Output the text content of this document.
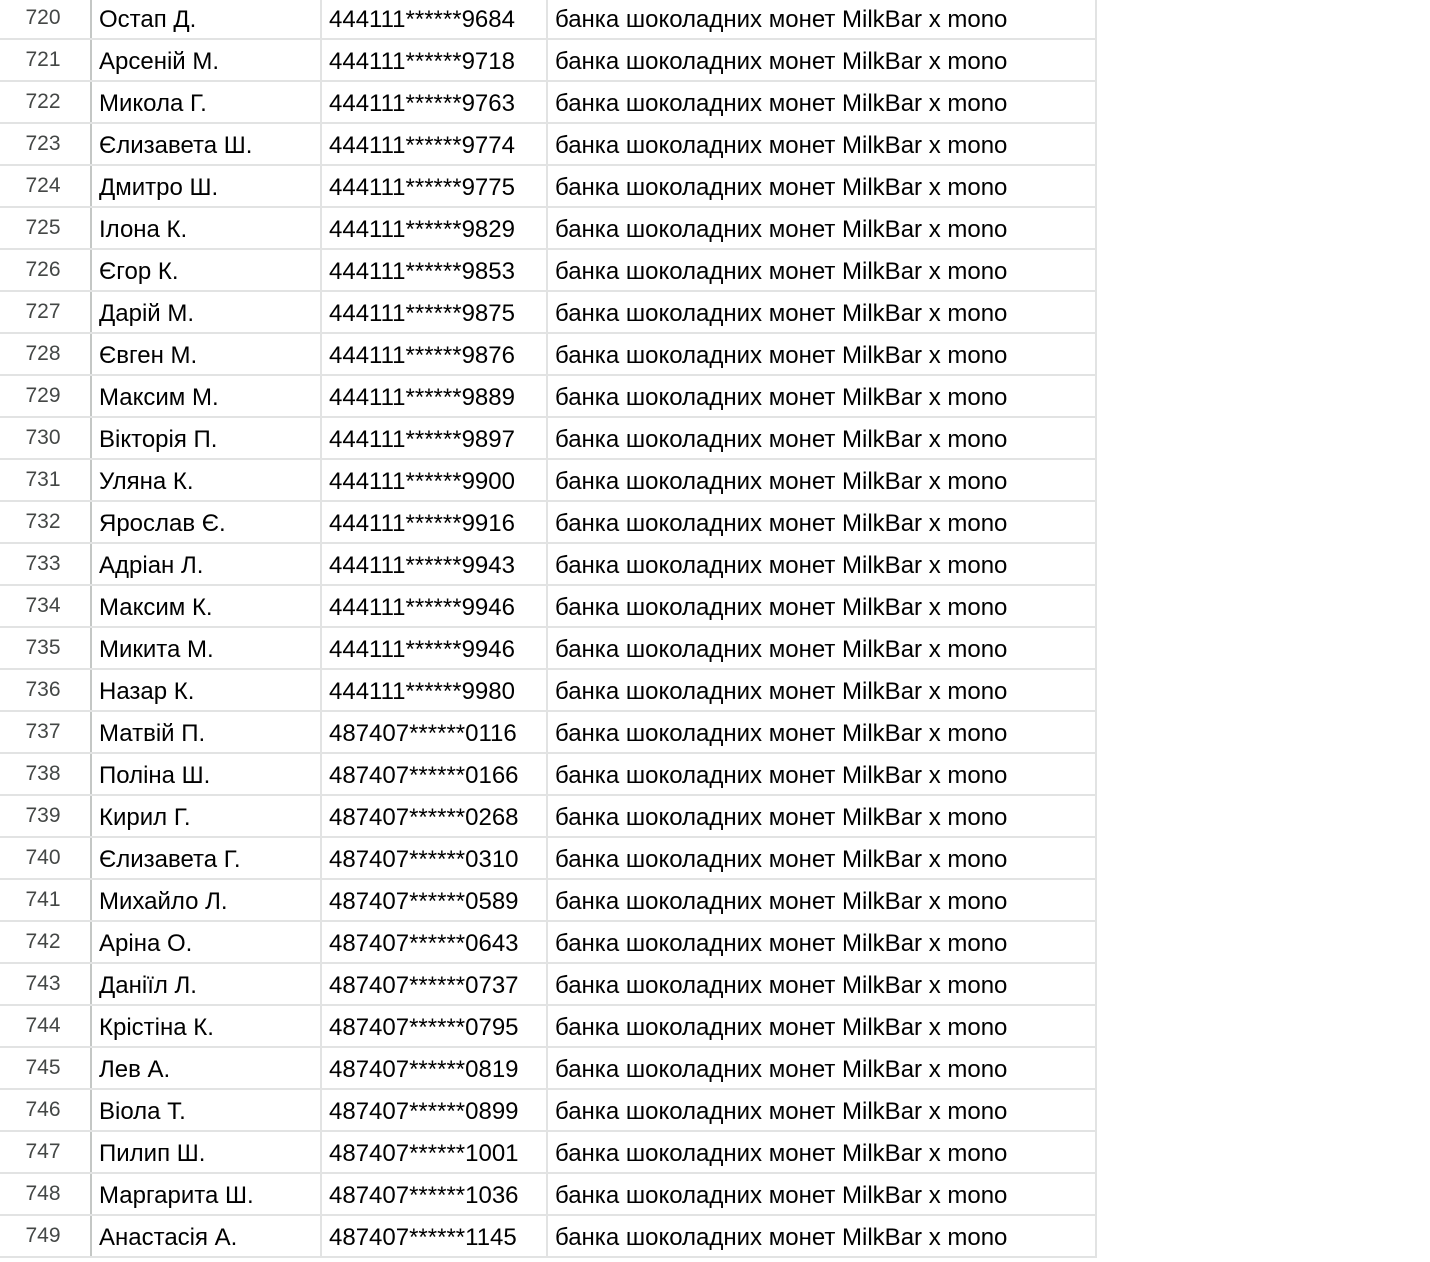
720	Остап Д.	444111******9684	банка шоколадних монет MilkBar x mono
721	Арсеній М.	444111******9718	банка шоколадних монет MilkBar x mono
722	Микола Г.	444111******9763	банка шоколадних монет MilkBar x mono
723	Єлизавета Ш.	444111******9774	банка шоколадних монет MilkBar x mono
724	Дмитро Ш.	444111******9775	банка шоколадних монет MilkBar x mono
725	Ілона К.	444111******9829	банка шоколадних монет MilkBar x mono
726	Єгор К.	444111******9853	банка шоколадних монет MilkBar x mono
727	Дарій М.	444111******9875	банка шоколадних монет MilkBar x mono
728	Євген М.	444111******9876	банка шоколадних монет MilkBar x mono
729	Максим М.	444111******9889	банка шоколадних монет MilkBar x mono
730	Вікторія П.	444111******9897	банка шоколадних монет MilkBar x mono
731	Уляна К.	444111******9900	банка шоколадних монет MilkBar x mono
732	Ярослав Є.	444111******9916	банка шоколадних монет MilkBar x mono
733	Адріан Л.	444111******9943	банка шоколадних монет MilkBar x mono
734	Максим К.	444111******9946	банка шоколадних монет MilkBar x mono
735	Микита М.	444111******9946	банка шоколадних монет MilkBar x mono
736	Назар К.	444111******9980	банка шоколадних монет MilkBar x mono
737	Матвій П.	487407******0116	банка шоколадних монет MilkBar x mono
738	Поліна Ш.	487407******0166	банка шоколадних монет MilkBar x mono
739	Кирил Г.	487407******0268	банка шоколадних монет MilkBar x mono
740	Єлизавета Г.	487407******0310	банка шоколадних монет MilkBar x mono
741	Михайло Л.	487407******0589	банка шоколадних монет MilkBar x mono
742	Аріна О.	487407******0643	банка шоколадних монет MilkBar x mono
743	Даніїл Л.	487407******0737	банка шоколадних монет MilkBar x mono
744	Крістіна К.	487407******0795	банка шоколадних монет MilkBar x mono
745	Лев А.	487407******0819	банка шоколадних монет MilkBar x mono
746	Віола Т.	487407******0899	банка шоколадних монет MilkBar x mono
747	Пилип Ш.	487407******1001	банка шоколадних монет MilkBar x mono
748	Маргарита Ш.	487407******1036	банка шоколадних монет MilkBar x mono
749	Анастасія А.	487407******1145	банка шоколадних монет MilkBar x mono
